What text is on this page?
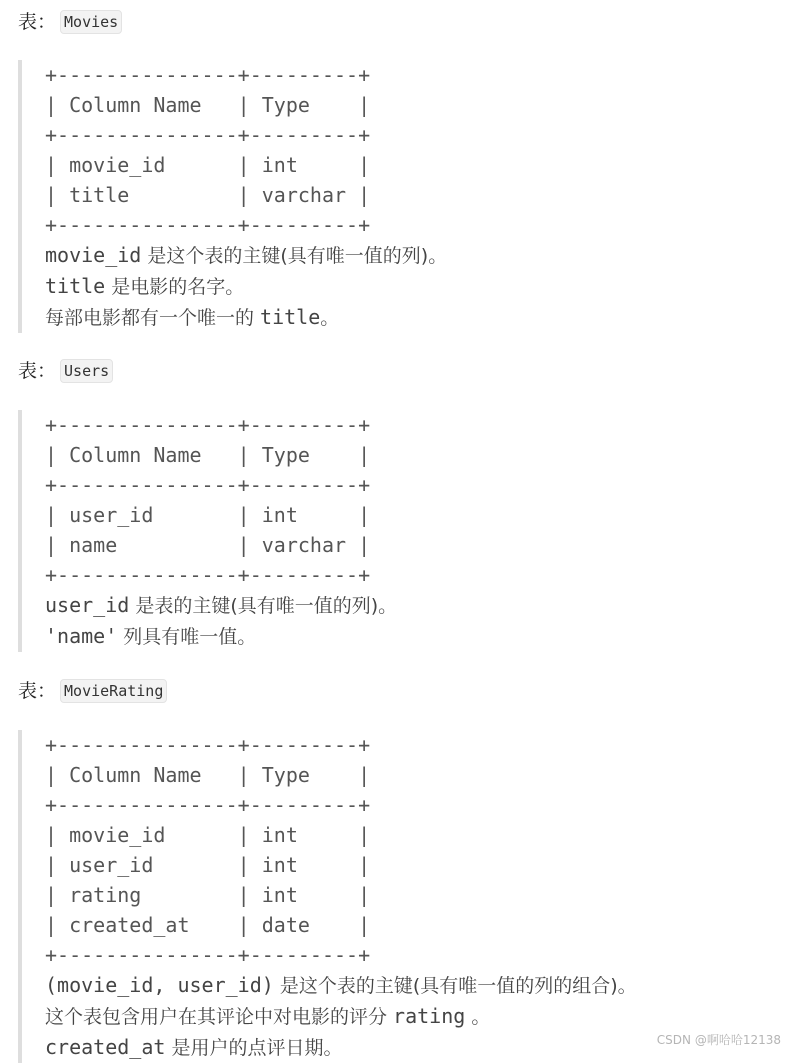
表： Movies
+---------------+---------+
| Column Name   | Type    |
+---------------+---------+
| movie_id      | int     |
| title         | varchar |
+---------------+---------+
movie_id 是这个表的主键(具有唯一值的列)。
title 是电影的名字。
每部电影都有一个唯一的 title。
表： Users
+---------------+---------+
| Column Name   | Type    |
+---------------+---------+
| user_id       | int     |
| name          | varchar |
+---------------+---------+
user_id 是表的主键(具有唯一值的列)。
'name' 列具有唯一值。
表： MovieRating
+---------------+---------+
| Column Name   | Type    |
+---------------+---------+
| movie_id      | int     |
| user_id       | int     |
| rating        | int     |
| created_at    | date    |
+---------------+---------+
(movie_id, user_id) 是这个表的主键(具有唯一值的列的组合)。
这个表包含用户在其评论中对电影的评分 rating 。
created_at 是用户的点评日期。	CSDN @啊哈哈12138
